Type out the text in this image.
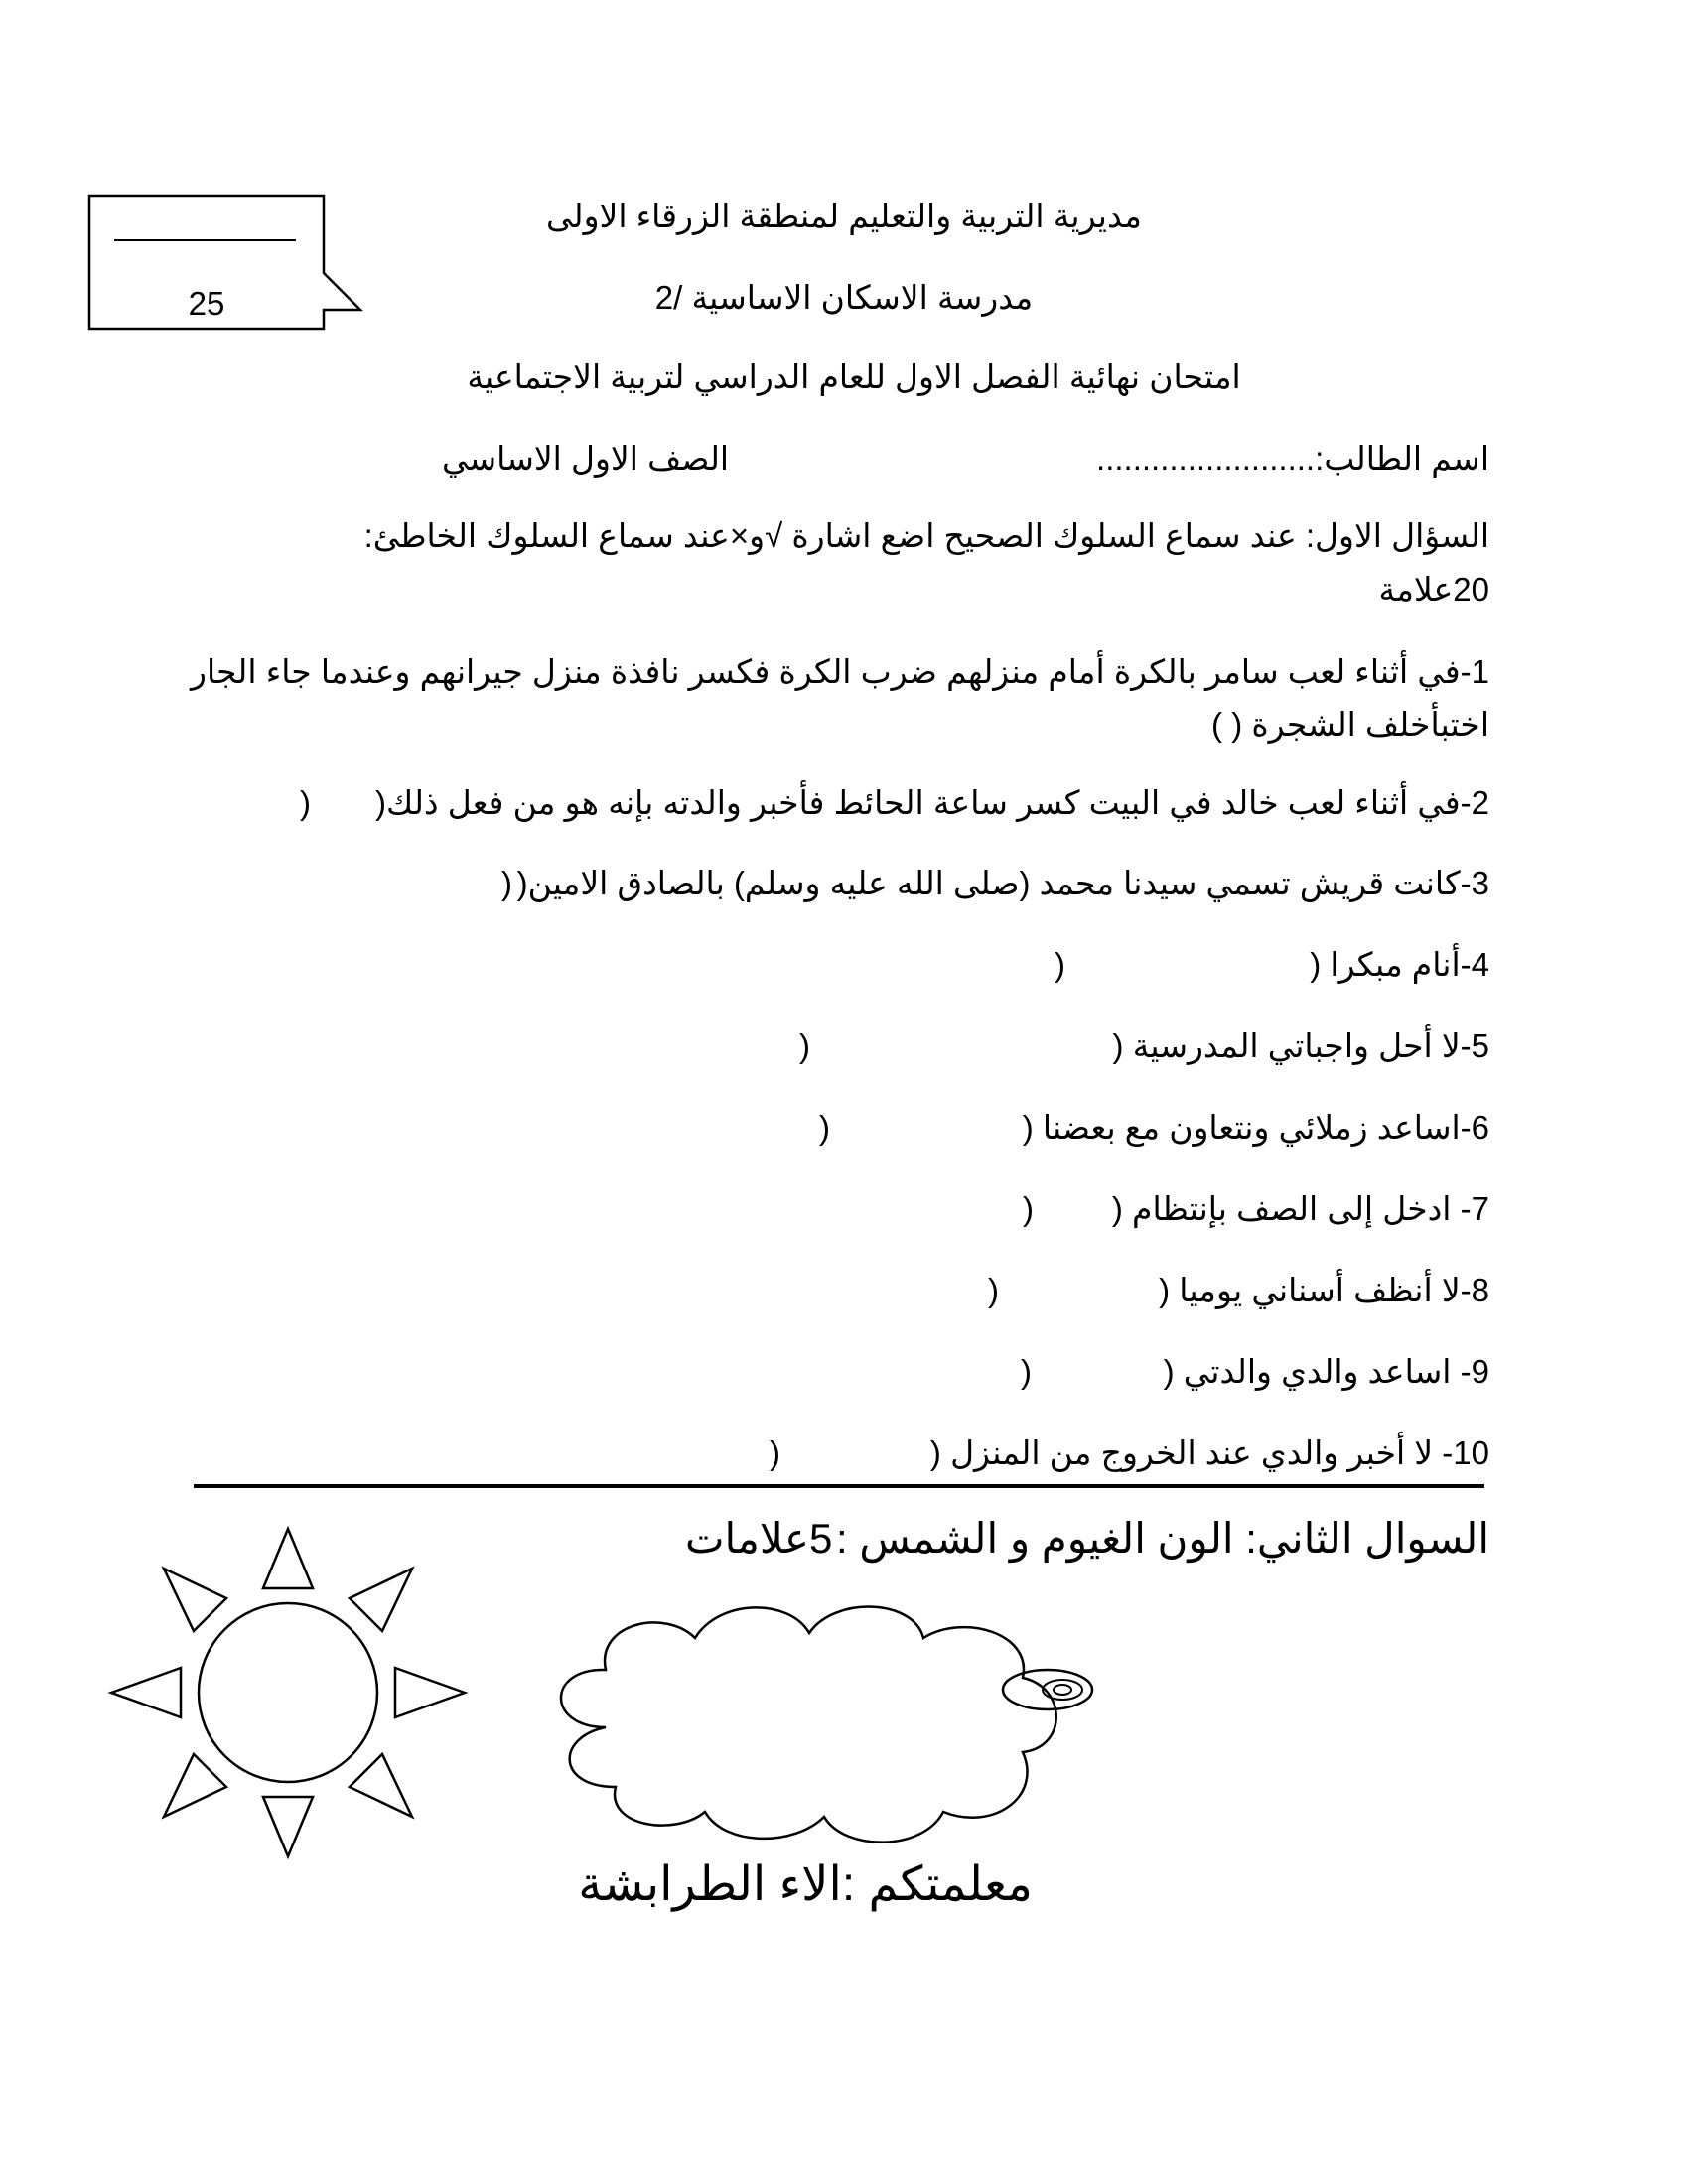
25
مديرية التربية والتعليم لمنطقة الزرقاء الاولى
مدرسة الاسكان الاساسية /2
امتحان نهائية الفصل الاول للعام الدراسي لتربية الاجتماعية
اسم الطالب:........................
الصف الاول الاساسي
السؤال الاول: عند سماع السلوك الصحيح اضع اشارة √و×عند سماع السلوك الخاطئ:
20علامة
1-في أثناء لعب سامر بالكرة أمام منزلهم ضرب الكرة فكسر نافذة منزل جيرانهم وعندما جاء الجار
اختبأخلف الشجرة ( )
2-في أثناء لعب خالد في البيت كسر ساعة الحائط فأخبر والدته بإنه هو من فعل ذلك(
)
3-كانت قريش تسمي سيدنا محمد (صلى الله عليه وسلم) بالصادق الامين(
)
4-أنام مبكرا (
)
5-لا أحل واجباتي المدرسية (
)
6-اساعد زملائي ونتعاون مع بعضنا (
)
7- ادخل إلى الصف بإنتظام (
)
8-لا أنظف أسناني يوميا (
)
9- اساعد والدي والدتي (
)
10- لا أخبر والدي عند الخروج من المنزل (
)
السوال الثاني: الون الغيوم و الشمس :
5علامات
معلمتكم :الاء الطرابشة
